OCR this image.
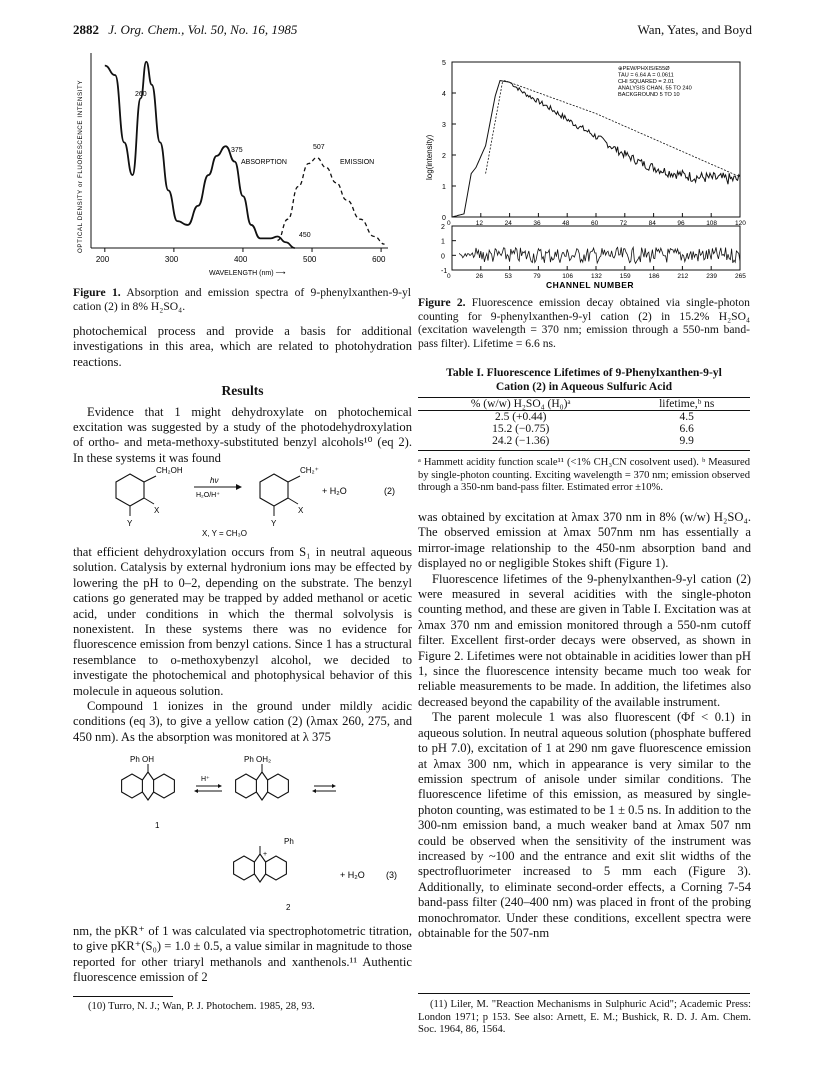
2882 J. Org. Chem., Vol. 50, No. 16, 1985	Wan, Yates, and Boyd
OPTICAL DENSITY or FLUORESCENCE INTENSITY
200	300	400	500	600
260
375
450
507
ABSORPTION	EMISSION
WAVELENGTH (nm) ⟶
Figure 1. Absorption and emission spectra of 9-phenylxanthen-9-yl cation (2) in 8% H₂SO₄.

photochemical process and provide a basis for additional investigations in this area, which are related to photohydration reactions.

Results

Evidence that 1 might dehydroxylate on photochemical excitation was suggested by a study of the photodehydroxylation of ortho- and meta-methoxy-substituted benzyl alcohols¹⁰ (eq 2). In these systems it was found

CH₂OH
X
Y
hν
H₂O/H⁺
CH₂⁺
X
Y
+ H₂O	(2)
X, Y = CH₃O

that efficient dehydroxylation occurs from S₁ in neutral aqueous solution. Catalysis by external hydronium ions may be effected by lowering the pH to 0–2, depending on the substrate. The benzyl cations go generated may be trapped by added methanol or acetic acid, under conditions in which the thermal solvolysis is nonexistent. In these systems there was no evidence for fluorescence emission from benzyl cations. Since 1 has a structural resemblance to o-methoxybenzyl alcohol, we decided to investigate the photochemical and photophysical behavior of this molecule in aqueous solution.

Compound 1 ionizes in the ground under mildly acidic conditions (eq 3), to give a yellow cation (2) (λmax 260, 275, and 450 nm). As the absorption was monitored at λ 375

Ph OH
1
H⁺
Ph OH₂
+
Ph
2
+ H₂O (3)

nm, the pKR⁺ of 1 was calculated via spectrophotometric titration, to give pKR⁺(S₀) = 1.0 ± 0.5, a value similar in magnitude to those reported for other triaryl methanols and xanthenols.¹¹ Authentic fluorescence emission of 2

(10) Turro, N. J.; Wan, P. J. Photochem. 1985, 28, 93.
log(intensity)
5
4
3
2
1
0
0	12	24	36	48	60	72	84	96	108	120
2
1
0
-1
0	26	53	79	106	132	159	186	212	239	265
⊕PEW/PHXIS/E55Ø
TAU = 6.64 A = 0.0611
CHI SQUARED = 2.01
ANALYSIS CHAN. 55 TO 240
BACKGROUND 5 TO 10
CHANNEL NUMBER
Figure 2. Fluorescence emission decay obtained via single-photon counting for 9-phenylxanthen-9-yl cation (2) in 15.2% H₂SO₄ (excitation wavelength = 370 nm; emission through a 550-nm band-pass filter). Lifetime = 6.6 ns.
Table I. Fluorescence Lifetimes of 9-Phenylxanthen-9-yl Cation (2) in Aqueous Sulfuric Acid
% (w/w) H₂SO₄ (H₀)ᵃ	lifetime,ᵇ ns
2.5 (+0.44)	4.5
15.2 (−0.75)	6.6
24.2 (−1.36)	9.9
ᵃ Hammett acidity function scale¹¹ (<1% CH₃CN cosolvent used). ᵇ Measured by single-photon counting. Exciting wavelength = 370 nm; emission observed through a 350-nm band-pass filter. Estimated error ±10%.

was obtained by excitation at λmax 370 nm in 8% (w/w) H₂SO₄. The observed emission at λmax 507nm nm has essentially a mirror-image relationship to the 450-nm absorption band and displayed no or negligible Stokes shift (Figure 1).

Fluorescence lifetimes of the 9-phenylxanthen-9-yl cation (2) were measured in several acidities with the single-photon counting method, and these are given in Table I. Excitation was at λmax 370 nm and emission monitored through a 550-nm cutoff filter. Excellent first-order decays were observed, as shown in Figure 2. Lifetimes were not obtainable in acidities lower than pH 1, since the fluorescence intensity became much too weak for reliable measurements to be made. In addition, the lifetimes also decreased beyond the capability of the available instrument.

The parent molecule 1 was also fluorescent (Φf < 0.1) in aqueous solution. In neutral aqueous solution (phosphate buffered to pH 7.0), excitation of 1 at 290 nm gave fluorescence emission at λmax 300 nm, which in appearance is very similar to the emission spectrum of anisole under similar conditions. The fluorescence lifetime of this emission, as measured by single-photon counting, was estimated to be 1 ± 0.5 ns. In addition to the 300-nm emission band, a much weaker band at λmax 507 nm could be observed when the sensitivity of the instrument was increased by ~100 and the entrance and exit slit widths of the spectrofluorimeter increased to 5 mm each (Figure 3). Additionally, to eliminate second-order effects, a Corning 7-54 band-pass filter (240–400 nm) was placed in front of the probing monochromator. Under these conditions, excellent spectra were obtainable for the 507-nm

(11) Liler, M. "Reaction Mechanisms in Sulphuric Acid"; Academic Press: London 1971; p 153. See also: Arnett, E. M.; Bushick, R. D. J. Am. Chem. Soc. 1964, 86, 1564.
